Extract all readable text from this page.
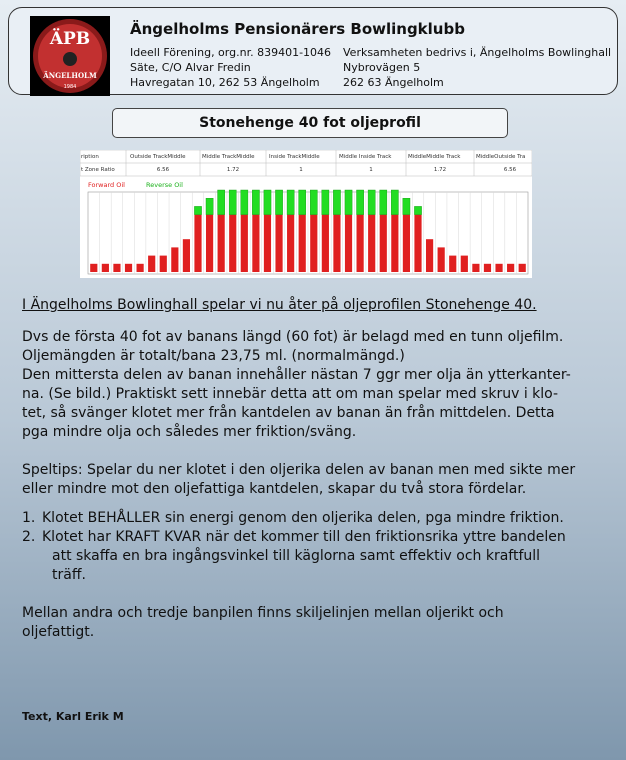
ÄPB
ÄNGELHOLM
1984
Ängelholms Pensionärers Bowlingklubb
Ideell Förening, org.nr. 839401-1046
Säte, C/O Alvar Fredin
Havregatan 10, 262 53 Ängelholm
Verksamheten bedrivs i, Ängelholms Bowlinghall
Nybrovägen 5
262 63 Ängelholm
Stonehenge 40 fot oljeprofil
ription	Outside TrackMiddle	Middle TrackMiddle	Inside TrackMiddle	Middle Inside Track	MiddleMiddle Track	MiddleOutside Tra
t Zone Ratio	6.56	1.72	1	1	1.72	6.56
Forward Oil	Reverse Oil

I Ängelholms Bowlinghall spelar vi nu åter på oljeprofilen Stonehenge 40.

Dvs de första 40 fot av banans längd (60 fot) är belagd med en tunn oljefilm.
Oljemängden är totalt/bana 23,75 ml. (normalmängd.)
Den mittersta delen av banan innehåller nästan 7 ggr mer olja än ytterkanter-
na. (Se bild.) Praktiskt sett innebär detta att om man spelar med skruv i klo-
tet, så svänger klotet mer från kantdelen av banan än från mittdelen. Detta
pga mindre olja och således mer friktion/sväng.

Speltips: Spelar du ner klotet i den oljerika delen av banan men med sikte mer
eller mindre mot den oljefattiga kantdelen, skapar du två stora fördelar.

1. Klotet BEHÅLLER sin energi genom den oljerika delen, pga mindre friktion.
2. Klotet har KRAFT KVAR när det kommer till den friktionsrika yttre bandelen
att skaffa en bra ingångsvinkel till käglorna samt effektiv och kraftfull
träff.

Mellan andra och tredje banpilen finns skiljelinjen mellan oljerikt och
oljefattigt.

Text, Karl Erik M
